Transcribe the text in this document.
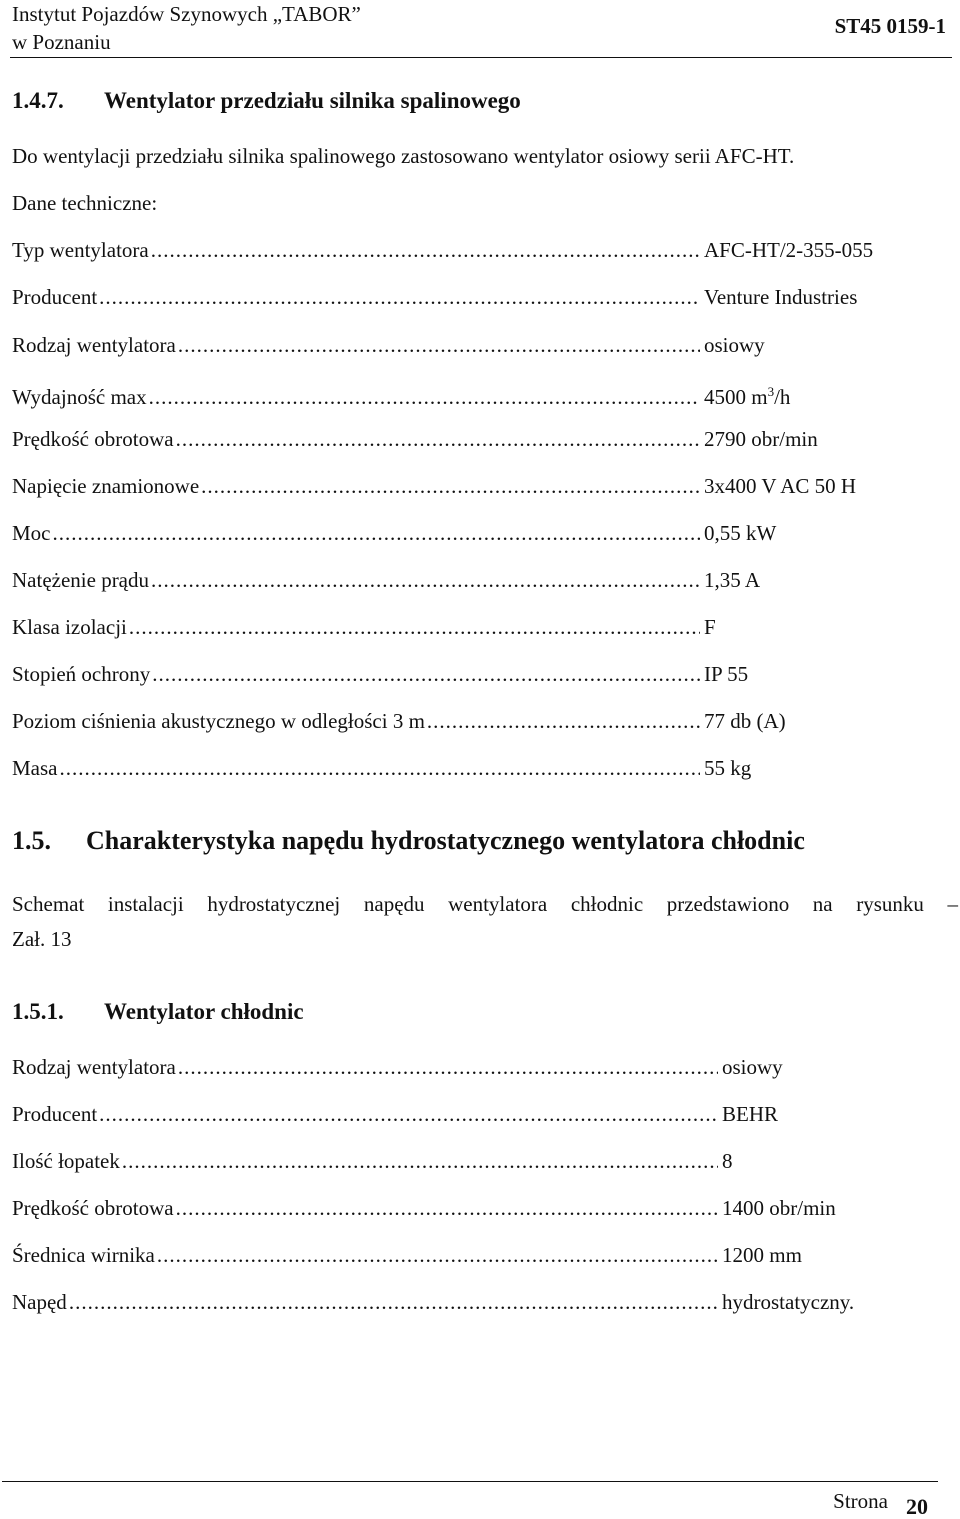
Instytut Pojazdów Szynowych „TABOR”
w Poznaniu
ST45 0159-1
1.4.7. Wentylator przedziału silnika spalinowego
Do wentylacji przedziału silnika spalinowego zastosowano wentylator osiowy serii AFC-HT.
Dane techniczne:
Typ wentylatora .....	AFC-HT/2-355-055
Producent .....	Venture Industries
Rodzaj wentylatora .....	osiowy
Wydajność max .....	4500 $m^3/h$
Prędkość obrotowa .....	2790 obr/min
Napięcie znamionowe .....	3x400 V AC 50 H
Moc .....	0,55 kW
Natężenie prądu .....	1,35 A
Klasa izolacji .....	F
Stopień ochrony .....	IP 55
Poziom ciśnienia akustycznego w odległości 3 m .....	77 db (A)
Masa .....	55 kg
1.5. Charakterystyka napędu hydrostatycznego wentylatora chłodnic
Schemat instalacji hydrostatycznej napędu wentylatora chłodnic przedstawiono na rysunku –
Zał. 13
1.5.1. Wentylator chłodnic
Rodzaj wentylatora .....	osiowy
Producent .....	BEHR
Ilość łopatek .....	8
Prędkość obrotowa .....	1400 obr/min
Średnica wirnika .....	1200 mm
Napęd .....	hydrostatyczny.
Strona 20
